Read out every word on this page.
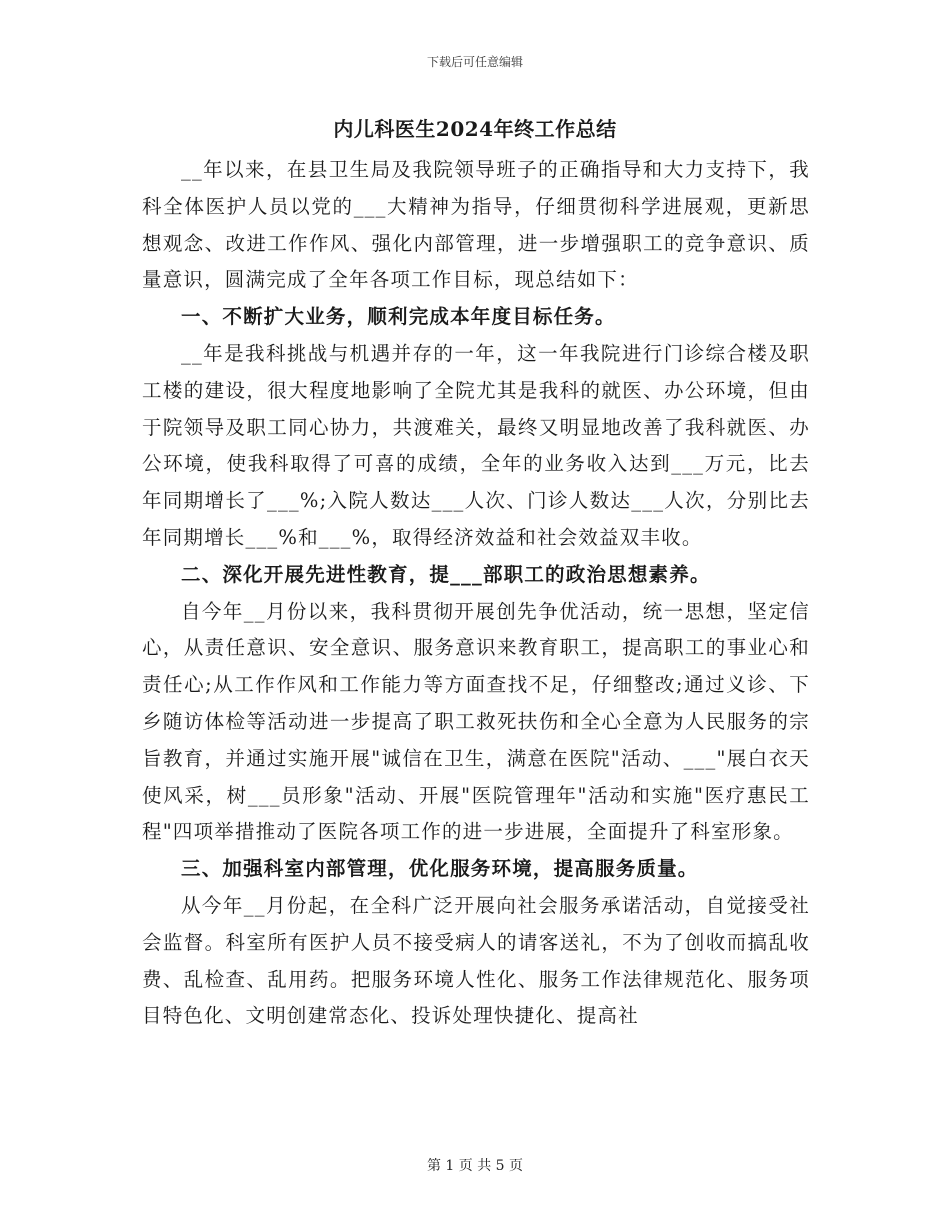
下载后可任意编辑
内儿科医生2024年终工作总结

__年以来，在县卫生局及我院领导班子的正确指导和大力支持下，我科全体医护人员以党的___大精神为指导，仔细贯彻科学进展观，更新思想观念、改进工作作风、强化内部管理，进一步增强职工的竞争意识、质量意识，圆满完成了全年各项工作目标，现总结如下：

一、不断扩大业务，顺利完成本年度目标任务。

__年是我科挑战与机遇并存的一年，这一年我院进行门诊综合楼及职工楼的建设，很大程度地影响了全院尤其是我科的就医、办公环境，但由于院领导及职工同心协力，共渡难关，最终又明显地改善了我科就医、办公环境，使我科取得了可喜的成绩，全年的业务收入达到___万元，比去年同期增长了___%;入院人数达___人次、门诊人数达___人次，分别比去年同期增长___%和___%，取得经济效益和社会效益双丰收。

二、深化开展先进性教育，提___部职工的政治思想素养。

自今年__月份以来，我科贯彻开展创先争优活动，统一思想，坚定信心，从责任意识、安全意识、服务意识来教育职工，提高职工的事业心和责任心;从工作作风和工作能力等方面查找不足，仔细整改;通过义诊、下乡随访体检等活动进一步提高了职工救死扶伤和全心全意为人民服务的宗旨教育，并通过实施开展"诚信在卫生，满意在医院"活动、___"展白衣天使风采，树___员形象"活动、开展"医院管理年"活动和实施"医疗惠民工程"四项举措推动了医院各项工作的进一步进展，全面提升了科室形象。

三、加强科室内部管理，优化服务环境，提高服务质量。

从今年__月份起，在全科广泛开展向社会服务承诺活动，自觉接受社会监督。科室所有医护人员不接受病人的请客送礼，不为了创收而搞乱收费、乱检查、乱用药。把服务环境人性化、服务工作法律规范化、服务项目特色化、文明创建常态化、投诉处理快捷化、提高社

第 1 页 共 5 页
